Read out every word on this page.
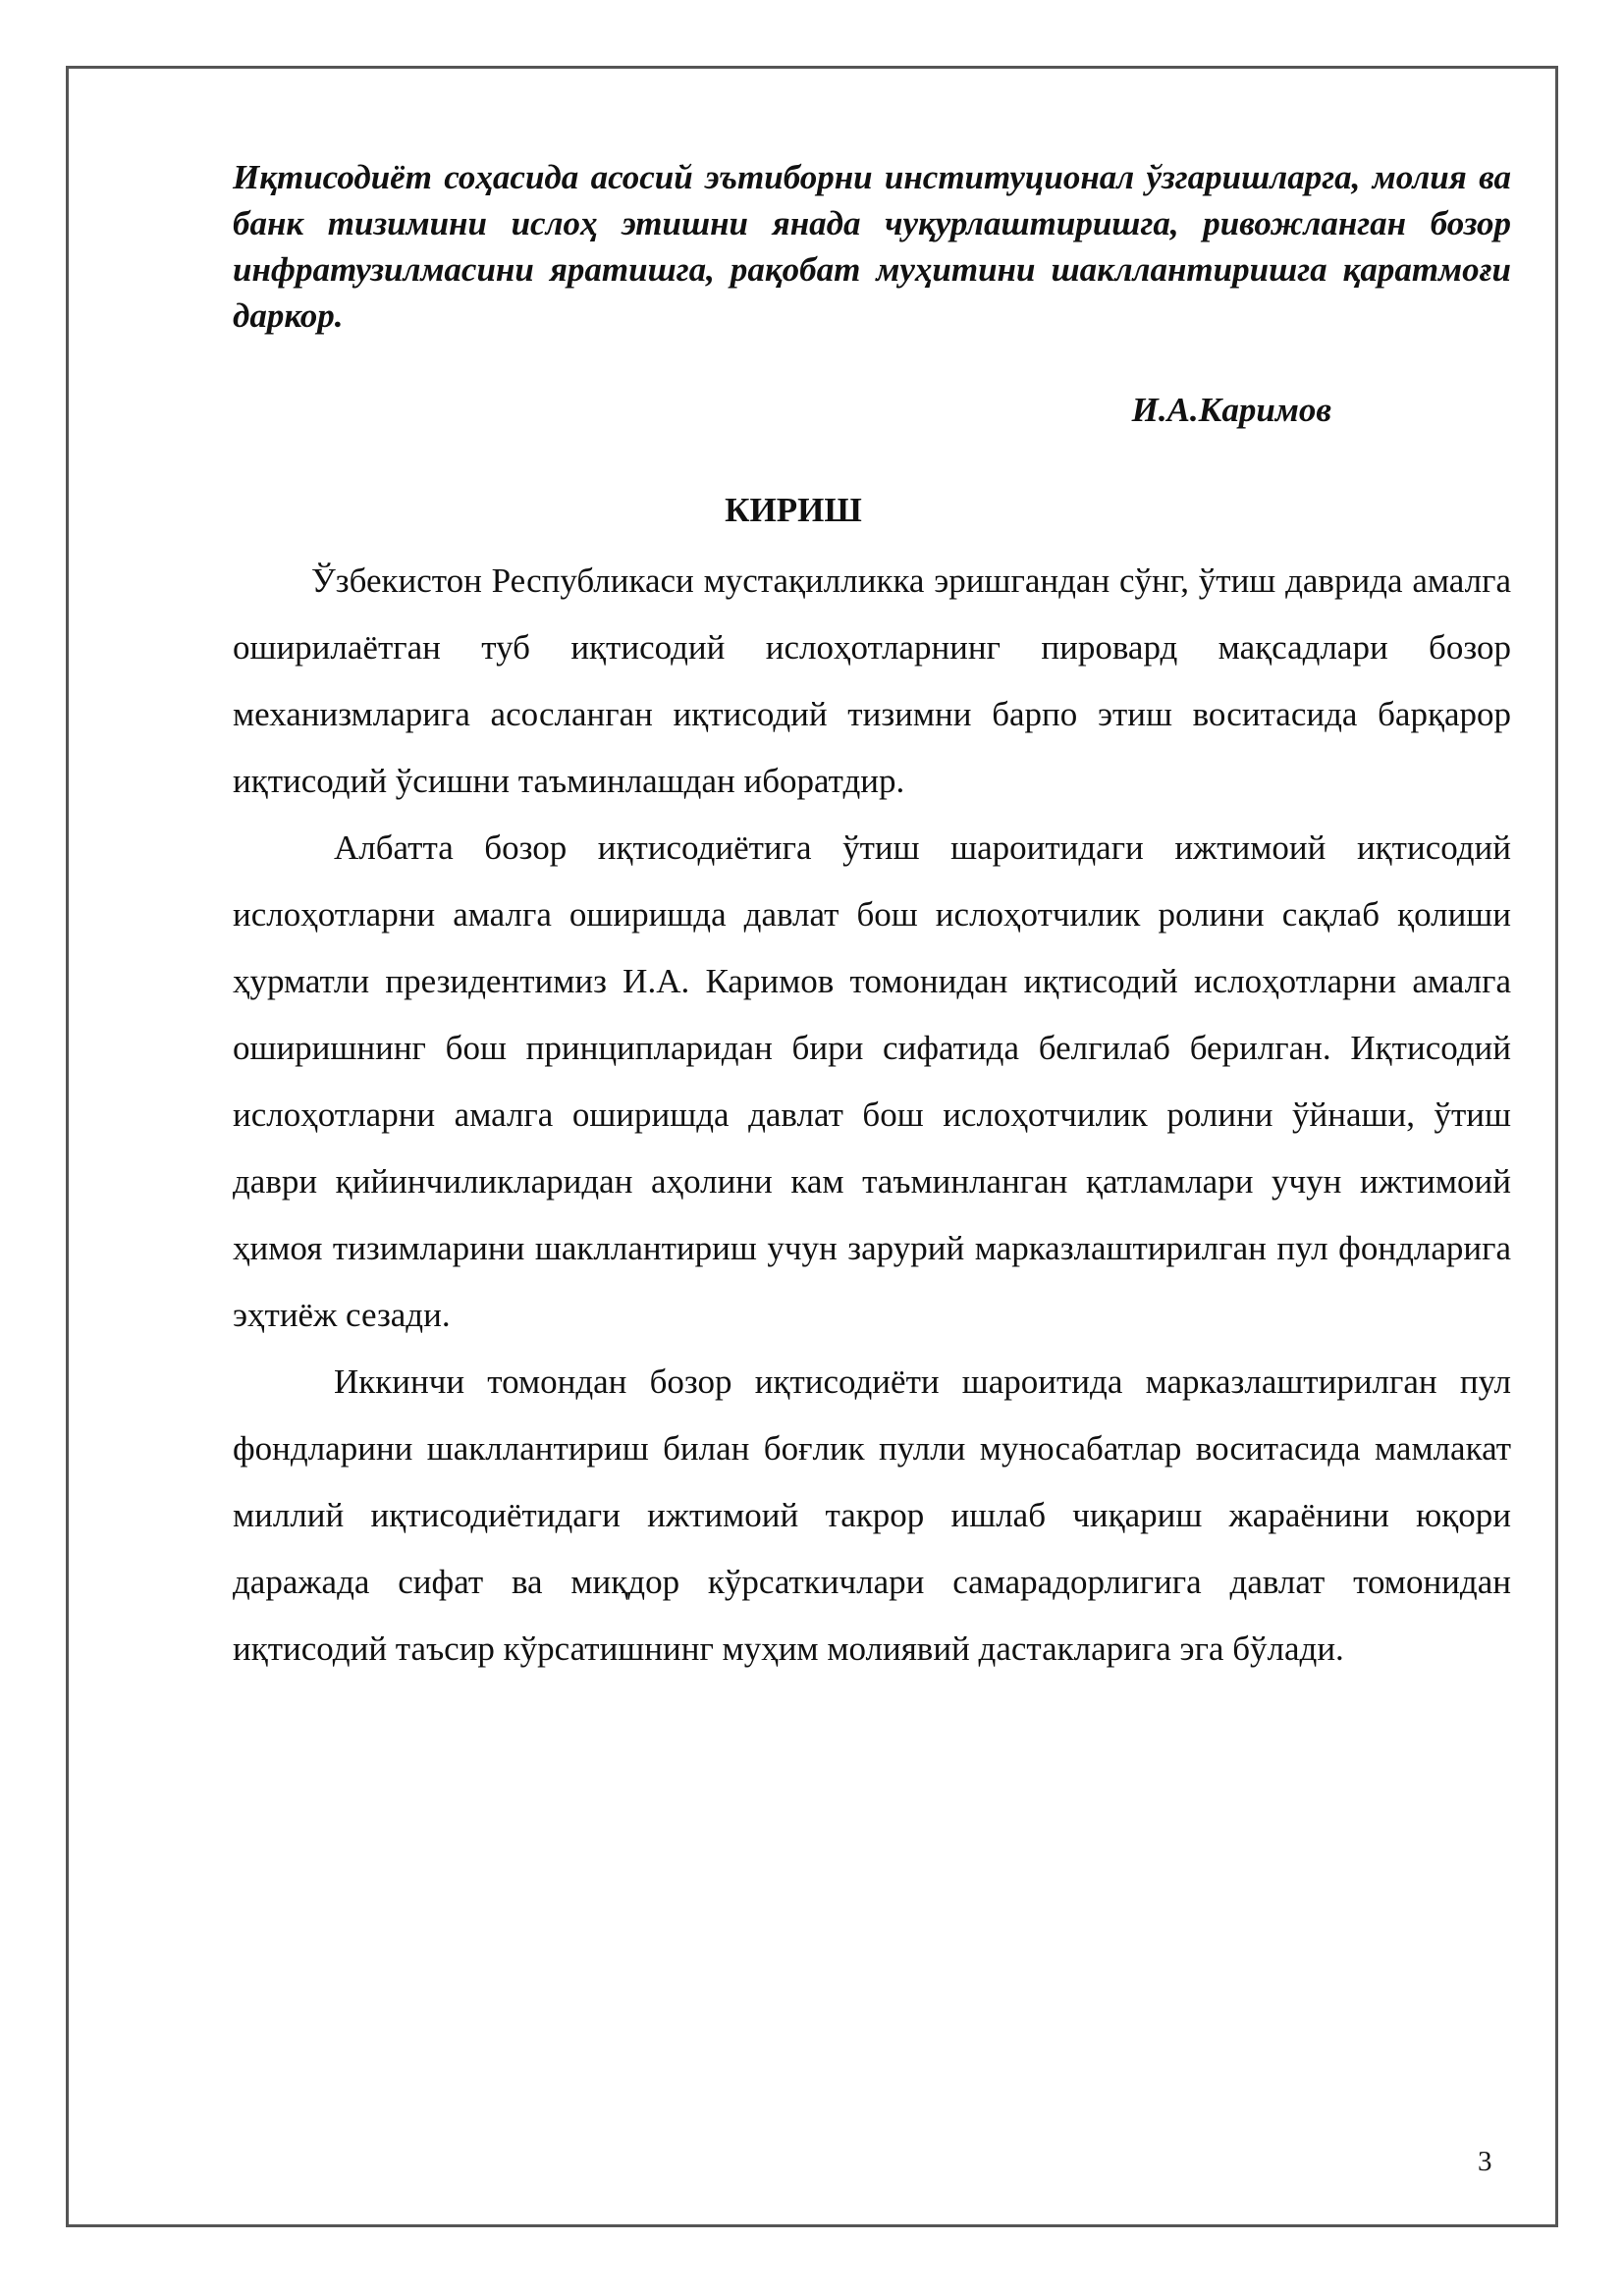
Иқтисодиёт соҳасида асосий эътиборни институционал ўзгаришларга, молия ва банк тизимини ислоҳ этишни янада чуқурлаштиришга, ривожланган бозор инфратузилмасини яратишга, рақобат муҳитини шакллантиришга қаратмоғи даркор.

И.А.Каримов

КИРИШ

Ўзбекистон Республикаси мустақилликка эришгандан сўнг, ўтиш даврида амалга оширилаётган туб иқтисодий ислоҳотларнинг пировард мақсадлари бозор механизмларига асосланган иқтисодий тизимни барпо этиш воситасида барқарор иқтисодий ўсишни таъминлашдан иборатдир.

Албатта бозор иқтисодиётига ўтиш шароитидаги ижтимоий иқтисодий ислоҳотларни амалга оширишда давлат бош ислоҳотчилик ролини сақлаб қолиши ҳурматли президентимиз И.А. Каримов томонидан иқтисодий ислоҳотларни амалга оширишнинг бош принципларидан бири сифатида белгилаб берилган. Иқтисодий ислоҳотларни амалга оширишда давлат бош ислоҳотчилик ролини ўйнаши, ўтиш даври қийинчиликларидан аҳолини кам таъминланган қатламлари учун ижтимоий ҳимоя тизимларини шакллантириш учун зарурий марказлаштирилган пул фондларига эҳтиёж сезади.

Иккинчи томондан бозор иқтисодиёти шароитида марказлаштирилган пул фондларини шакллантириш билан боғлик пулли муносабатлар воситасида мамлакат миллий иқтисодиётидаги ижтимоий такрор ишлаб чиқариш жараёнини юқори даражада сифат ва миқдор кўрсаткичлари самарадорлигига давлат томонидан иқтисодий таъсир кўрсатишнинг муҳим молиявий дастакларига эга бўлади.

3
